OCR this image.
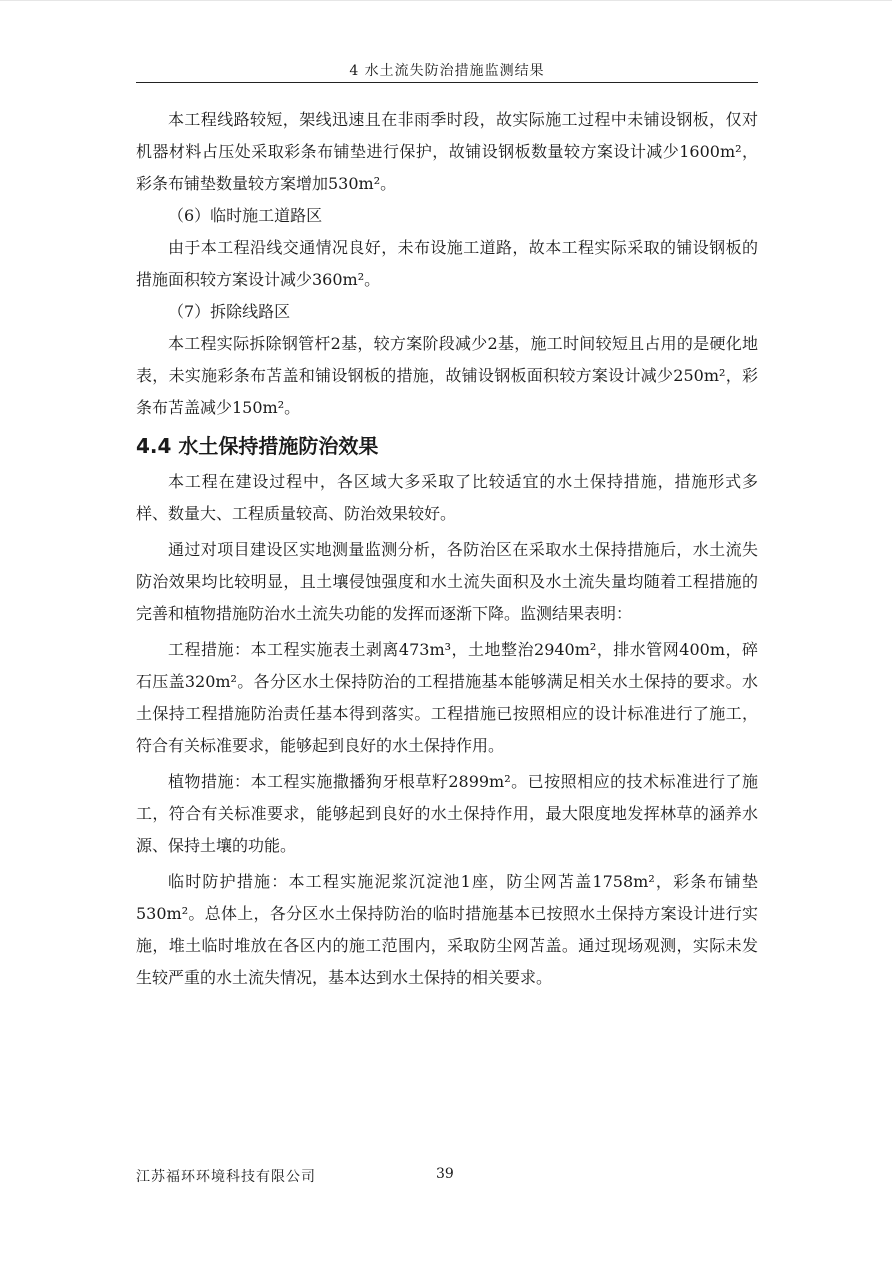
4 水土流失防治措施监测结果

本工程线路较短，架线迅速且在非雨季时段，故实际施工过程中未铺设钢板，仅对机器材料占压处采取彩条布铺垫进行保护，故铺设钢板数量较方案设计减少1600m²，彩条布铺垫数量较方案增加530m²。

（6）临时施工道路区

由于本工程沿线交通情况良好，未布设施工道路，故本工程实际采取的铺设钢板的措施面积较方案设计减少360m²。

（7）拆除线路区

本工程实际拆除钢管杆2基，较方案阶段减少2基，施工时间较短且占用的是硬化地表，未实施彩条布苫盖和铺设钢板的措施，故铺设钢板面积较方案设计减少250m²，彩条布苫盖减少150m²。

4.4 水土保持措施防治效果

本工程在建设过程中，各区域大多采取了比较适宜的水土保持措施，措施形式多样、数量大、工程质量较高、防治效果较好。

通过对项目建设区实地测量监测分析，各防治区在采取水土保持措施后，水土流失防治效果均比较明显，且土壤侵蚀强度和水土流失面积及水土流失量均随着工程措施的完善和植物措施防治水土流失功能的发挥而逐渐下降。监测结果表明：

工程措施：本工程实施表土剥离473m³，土地整治2940m²，排水管网400m，碎石压盖320m²。各分区水土保持防治的工程措施基本能够满足相关水土保持的要求。水土保持工程措施防治责任基本得到落实。工程措施已按照相应的设计标准进行了施工，符合有关标准要求，能够起到良好的水土保持作用。

植物措施：本工程实施撒播狗牙根草籽2899m²。已按照相应的技术标准进行了施工，符合有关标准要求，能够起到良好的水土保持作用，最大限度地发挥林草的涵养水源、保持土壤的功能。

临时防护措施：本工程实施泥浆沉淀池1座，防尘网苫盖1758m²，彩条布铺垫530m²。总体上，各分区水土保持防治的临时措施基本已按照水土保持方案设计进行实施，堆土临时堆放在各区内的施工范围内，采取防尘网苫盖。通过现场观测，实际未发生较严重的水土流失情况，基本达到水土保持的相关要求。

江苏福环环境科技有限公司	39
